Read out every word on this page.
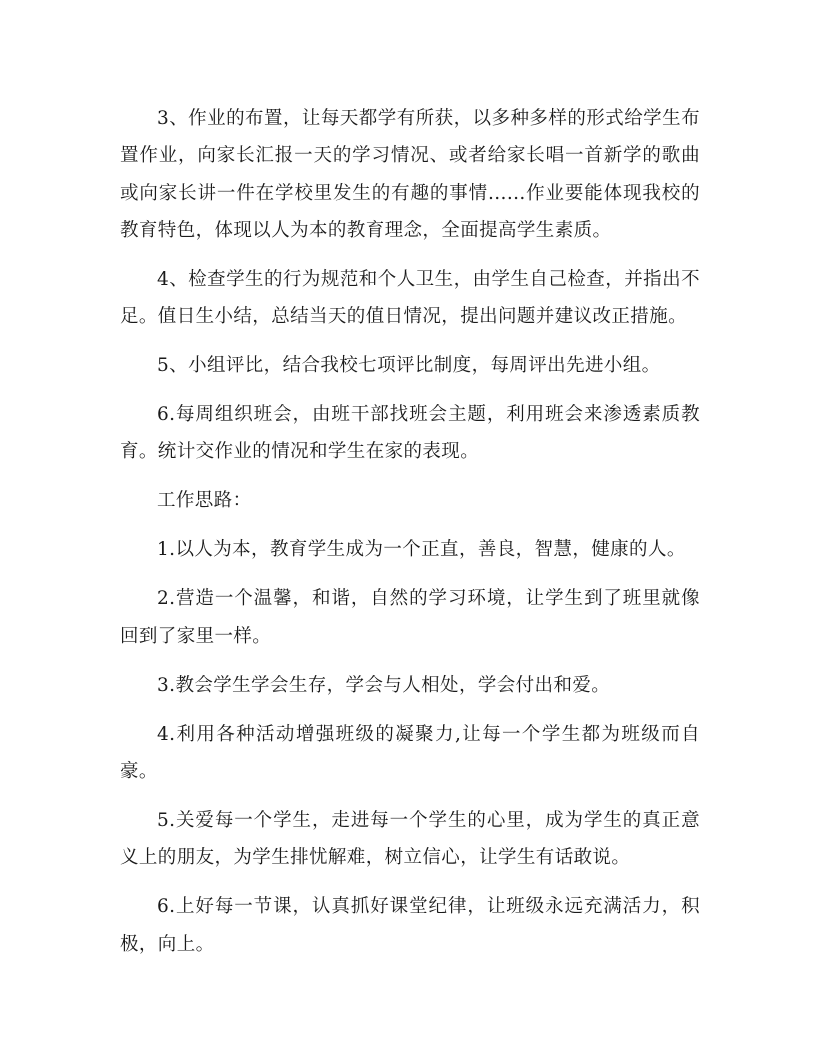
3、作业的布置，让每天都学有所获，以多种多样的形式给学生布置作业，向家长汇报一天的学习情况、或者给家长唱一首新学的歌曲或向家长讲一件在学校里发生的有趣的事情......作业要能体现我校的教育特色，体现以人为本的教育理念，全面提高学生素质。

4、检查学生的行为规范和个人卫生，由学生自己检查，并指出不足。值日生小结，总结当天的值日情况，提出问题并建议改正措施。

5、小组评比，结合我校七项评比制度，每周评出先进小组。

6.每周组织班会，由班干部找班会主题，利用班会来渗透素质教育。统计交作业的情况和学生在家的表现。

工作思路：

1.以人为本，教育学生成为一个正直，善良，智慧，健康的人。

2.营造一个温馨，和谐，自然的学习环境，让学生到了班里就像回到了家里一样。

3.教会学生学会生存，学会与人相处，学会付出和爱。

4.利用各种活动增强班级的凝聚力,让每一个学生都为班级而自豪。

5.关爱每一个学生，走进每一个学生的心里，成为学生的真正意义上的朋友，为学生排忧解难，树立信心，让学生有话敢说。

6.上好每一节课，认真抓好课堂纪律，让班级永远充满活力，积极，向上。
